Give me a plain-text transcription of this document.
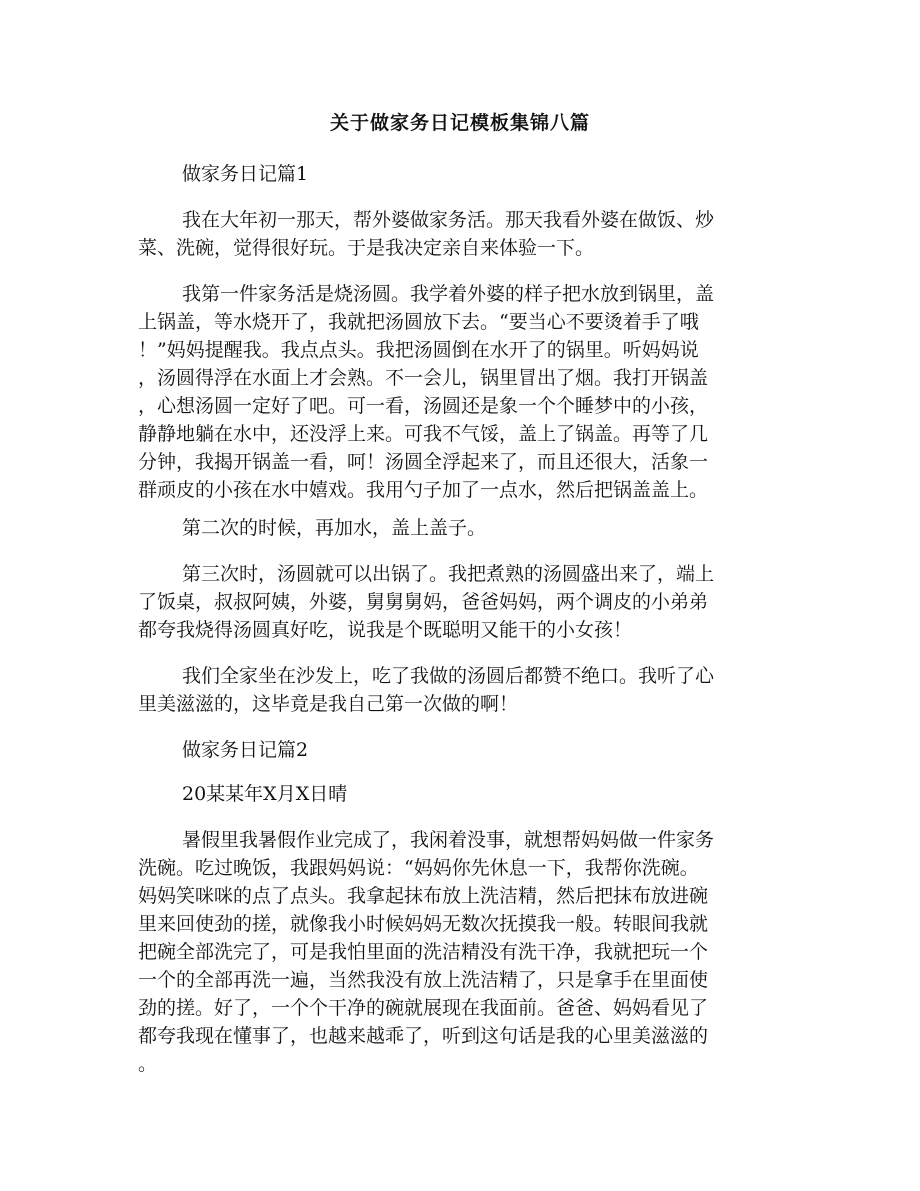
关于做家务日记模板集锦八篇
做家务日记篇1
我在大年初一那天，帮外婆做家务活。那天我看外婆在做饭、炒
菜、洗碗，觉得很好玩。于是我决定亲自来体验一下。
我第一件家务活是烧汤圆。我学着外婆的样子把水放到锅里，盖
上锅盖，等水烧开了，我就把汤圆放下去。“要当心不要烫着手了哦
！”妈妈提醒我。我点点头。我把汤圆倒在水开了的锅里。听妈妈说
，汤圆得浮在水面上才会熟。不一会儿，锅里冒出了烟。我打开锅盖
，心想汤圆一定好了吧。可一看，汤圆还是象一个个睡梦中的小孩，
静静地躺在水中，还没浮上来。可我不气馁，盖上了锅盖。再等了几
分钟，我揭开锅盖一看，呵！汤圆全浮起来了，而且还很大，活象一
群顽皮的小孩在水中嬉戏。我用勺子加了一点水，然后把锅盖盖上。
第二次的时候，再加水，盖上盖子。
第三次时，汤圆就可以出锅了。我把煮熟的汤圆盛出来了，端上
了饭桌，叔叔阿姨，外婆，舅舅舅妈，爸爸妈妈，两个调皮的小弟弟
都夸我烧得汤圆真好吃，说我是个既聪明又能干的小女孩！
我们全家坐在沙发上，吃了我做的汤圆后都赞不绝口。我听了心
里美滋滋的，这毕竟是我自己第一次做的啊！
做家务日记篇2
20某某年X月X日晴
暑假里我暑假作业完成了，我闲着没事，就想帮妈妈做一件家务
洗碗。吃过晚饭，我跟妈妈说：“妈妈你先休息一下，我帮你洗碗。
妈妈笑咪咪的点了点头。我拿起抹布放上洗洁精，然后把抹布放进碗
里来回使劲的搓，就像我小时候妈妈无数次抚摸我一般。转眼间我就
把碗全部洗完了，可是我怕里面的洗洁精没有洗干净，我就把玩一个
一个的全部再洗一遍，当然我没有放上洗洁精了，只是拿手在里面使
劲的搓。好了，一个个干净的碗就展现在我面前。爸爸、妈妈看见了
都夸我现在懂事了，也越来越乖了，听到这句话是我的心里美滋滋的
。
